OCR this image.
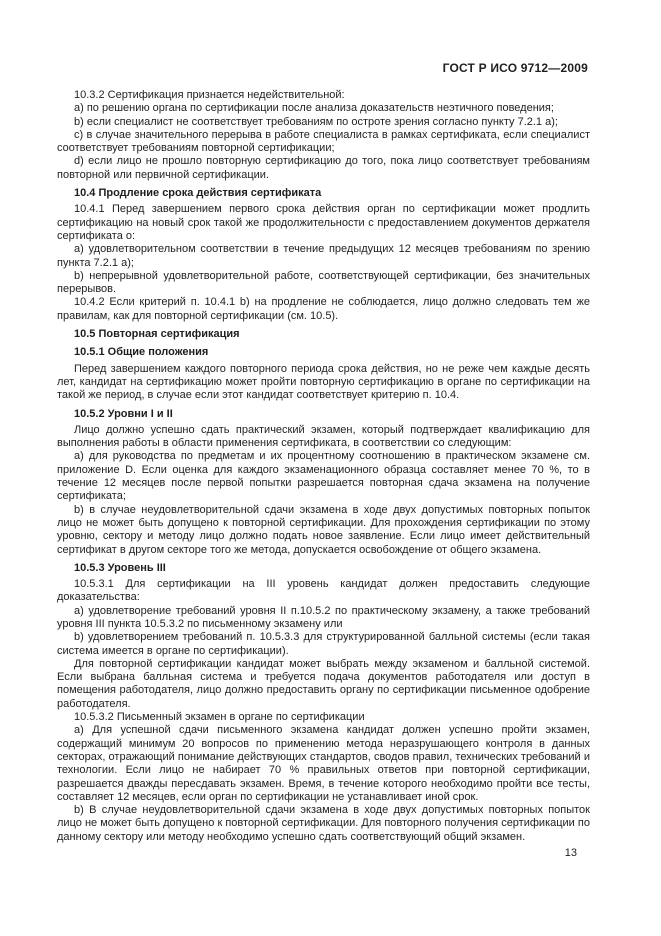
ГОСТ Р ИСО 9712—2009

10.3.2 Сертификация признается недействительной:

a) по решению органа по сертификации после анализа доказательств неэтичного поведения;

b) если специалист не соответствует требованиям по остроте зрения согласно пункту 7.2.1 а);

c) в случае значительного перерыва в работе специалиста в рамках сертификата, если специалист соответствует требованиям повторной сертификации;

d) если лицо не прошло повторную сертификацию до того, пока лицо соответствует требованиям повторной или первичной сертификации.

10.4 Продление срока действия сертификата

10.4.1 Перед завершением первого срока действия орган по сертификации может продлить сертификацию на новый срок такой же продолжительности с предоставлением документов держателя сертификата о:

a) удовлетворительном соответствии в течение предыдущих 12 месяцев требованиям по зрению пункта 7.2.1 а);

b) непрерывной удовлетворительной работе, соответствующей сертификации, без значительных перерывов.

10.4.2 Если критерий п. 10.4.1 b) на продление не соблюдается, лицо должно следовать тем же правилам, как для повторной сертификации (см. 10.5).

10.5 Повторная сертификация

10.5.1 Общие положения

Перед завершением каждого повторного периода срока действия, но не реже чем каждые десять лет, кандидат на сертификацию может пройти повторную сертификацию в органе по сертификации на такой же период, в случае если этот кандидат соответствует критерию п. 10.4.

10.5.2 Уровни I и II

Лицо должно успешно сдать практический экзамен, который подтверждает квалификацию для выполнения работы в области применения сертификата, в соответствии со следующим:

a) для руководства по предметам и их процентному соотношению в практическом экзамене см. приложение D. Если оценка для каждого экзаменационного образца составляет менее 70 %, то в течение 12 месяцев после первой попытки разрешается повторная сдача экзамена на получение сертификата;

b) в случае неудовлетворительной сдачи экзамена в ходе двух допустимых повторных попыток лицо не может быть допущено к повторной сертификации. Для прохождения сертификации по этому уровню, сектору и методу лицо должно подать новое заявление. Если лицо имеет действительный сертификат в другом секторе того же метода, допускается освобождение от общего экзамена.

10.5.3 Уровень III

10.5.3.1 Для сертификации на III уровень кандидат должен предоставить следующие доказательства:

a) удовлетворение требований уровня II п.10.5.2 по практическому экзамену, а также требований уровня III пункта 10.5.3.2 по письменному экзамену или

b) удовлетворением требований п. 10.5.3.3 для структурированной балльной системы (если такая система имеется в органе по сертификации).

Для повторной сертификации кандидат может выбрать между экзаменом и балльной системой. Если выбрана балльная система и требуется подача документов работодателя или доступ в помещения работодателя, лицо должно предоставить органу по сертификации письменное одобрение работодателя.

10.5.3.2 Письменный экзамен в органе по сертификации

a) Для успешной сдачи письменного экзамена кандидат должен успешно пройти экзамен, содержащий минимум 20 вопросов по применению метода неразрушающего контроля в данных секторах, отражающий понимание действующих стандартов, сводов правил, технических требований и технологии. Если лицо не набирает 70 % правильных ответов при повторной сертификации, разрешается дважды пересдавать экзамен. Время, в течение которого необходимо пройти все тесты, составляет 12 месяцев, если орган по сертификации не устанавливает иной срок.

b) В случае неудовлетворительной сдачи экзамена в ходе двух допустимых повторных попыток лицо не может быть допущено к повторной сертификации. Для повторного получения сертификации по данному сектору или методу необходимо успешно сдать соответствующий общий экзамен.

13
